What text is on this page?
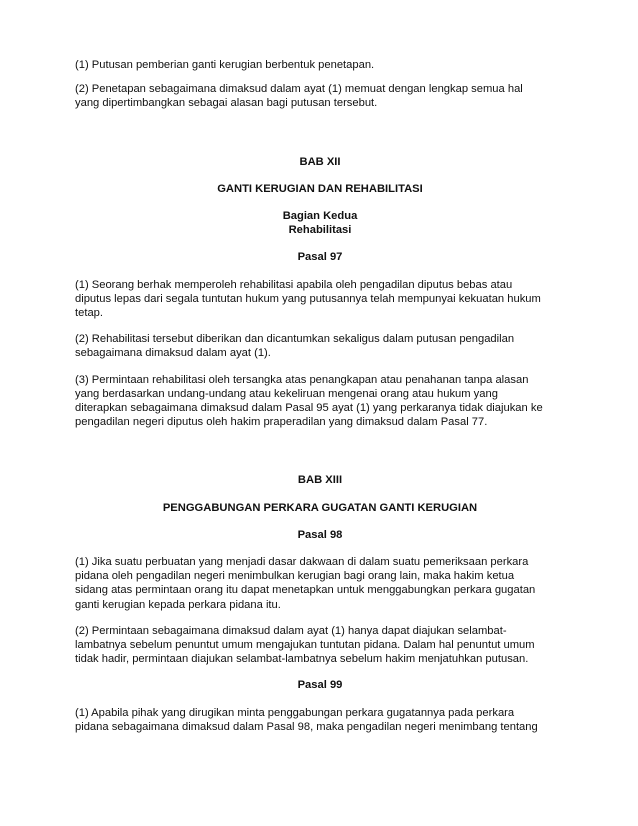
(1) Putusan pemberian ganti kerugian berbentuk penetapan.

(2) Penetapan sebagaimana dimaksud dalam ayat (1) memuat dengan lengkap semua hal
yang dipertimbangkan sebagai alasan bagi putusan tersebut.

BAB XII
GANTI KERUGIAN DAN REHABILITASI
Bagian Kedua
Rehabilitasi
Pasal 97

(1) Seorang berhak memperoleh rehabilitasi apabila oleh pengadilan diputus bebas atau
diputus lepas dari segala tuntutan hukum yang putusannya telah mempunyai kekuatan hukum
tetap.

(2) Rehabilitasi tersebut diberikan dan dicantumkan sekaligus dalam putusan pengadilan
sebagaimana dimaksud dalam ayat (1).

(3) Permintaan rehabilitasi oleh tersangka atas penangkapan atau penahanan tanpa alasan
yang berdasarkan undang-undang atau kekeliruan mengenai orang atau hukum yang
diterapkan sebagaimana dimaksud dalam Pasal 95 ayat (1) yang perkaranya tidak diajukan ke
pengadilan negeri diputus oleh hakim praperadilan yang dimaksud dalam Pasal 77.

BAB XIII
PENGGABUNGAN PERKARA GUGATAN GANTI KERUGIAN
Pasal 98

(1) Jika suatu perbuatan yang menjadi dasar dakwaan di dalam suatu pemeriksaan perkara
pidana oleh pengadilan negeri menimbulkan kerugian bagi orang lain, maka hakim ketua
sidang atas permintaan orang itu dapat menetapkan untuk menggabungkan perkara gugatan
ganti kerugian kepada perkara pidana itu.

(2) Permintaan sebagaimana dimaksud dalam ayat (1) hanya dapat diajukan selambat-
lambatnya sebelum penuntut umum mengajukan tuntutan pidana. Dalam hal penuntut umum
tidak hadir, permintaan diajukan selambat-lambatnya sebelum hakim menjatuhkan putusan.

Pasal 99

(1) Apabila pihak yang dirugikan minta penggabungan perkara gugatannya pada perkara
pidana sebagaimana dimaksud dalam Pasal 98, maka pengadilan negeri menimbang tentang
